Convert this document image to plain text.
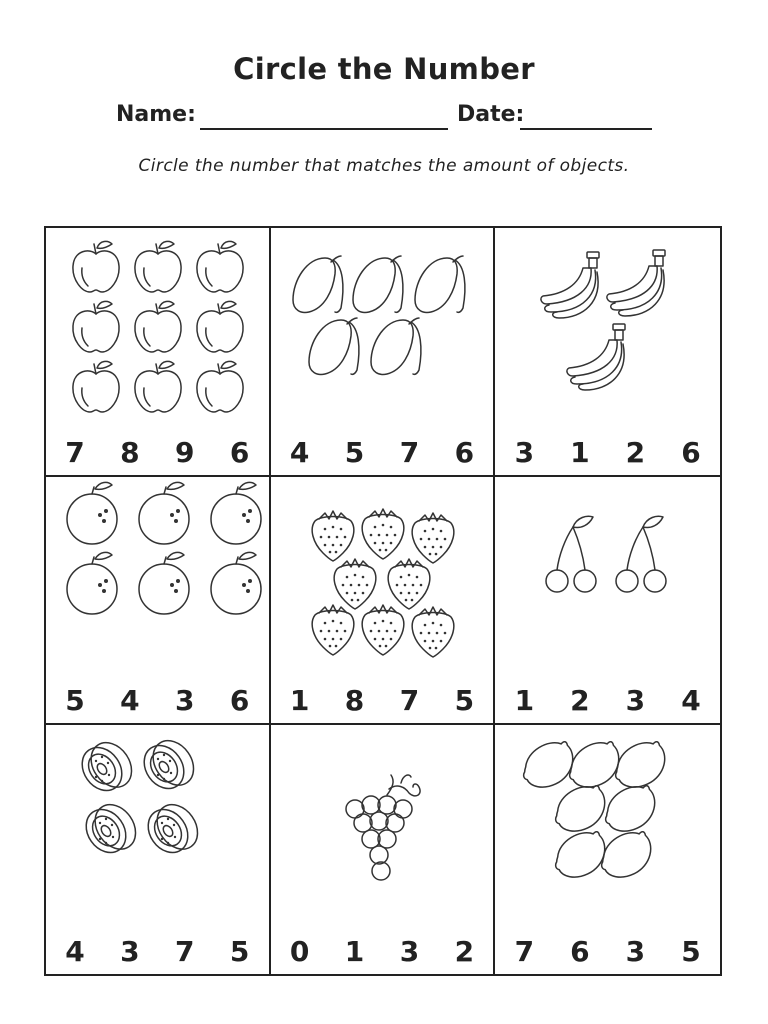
Circle the Number
Name:	Date:
Circle the number that matches the amount of objects.
7 8 9 6 4 5 7 6 3 1 2 6
5 4 3 6 1 8 7 5 1 2 3 4
4 3 7 5 0 1 3 2 7 6 3 5
